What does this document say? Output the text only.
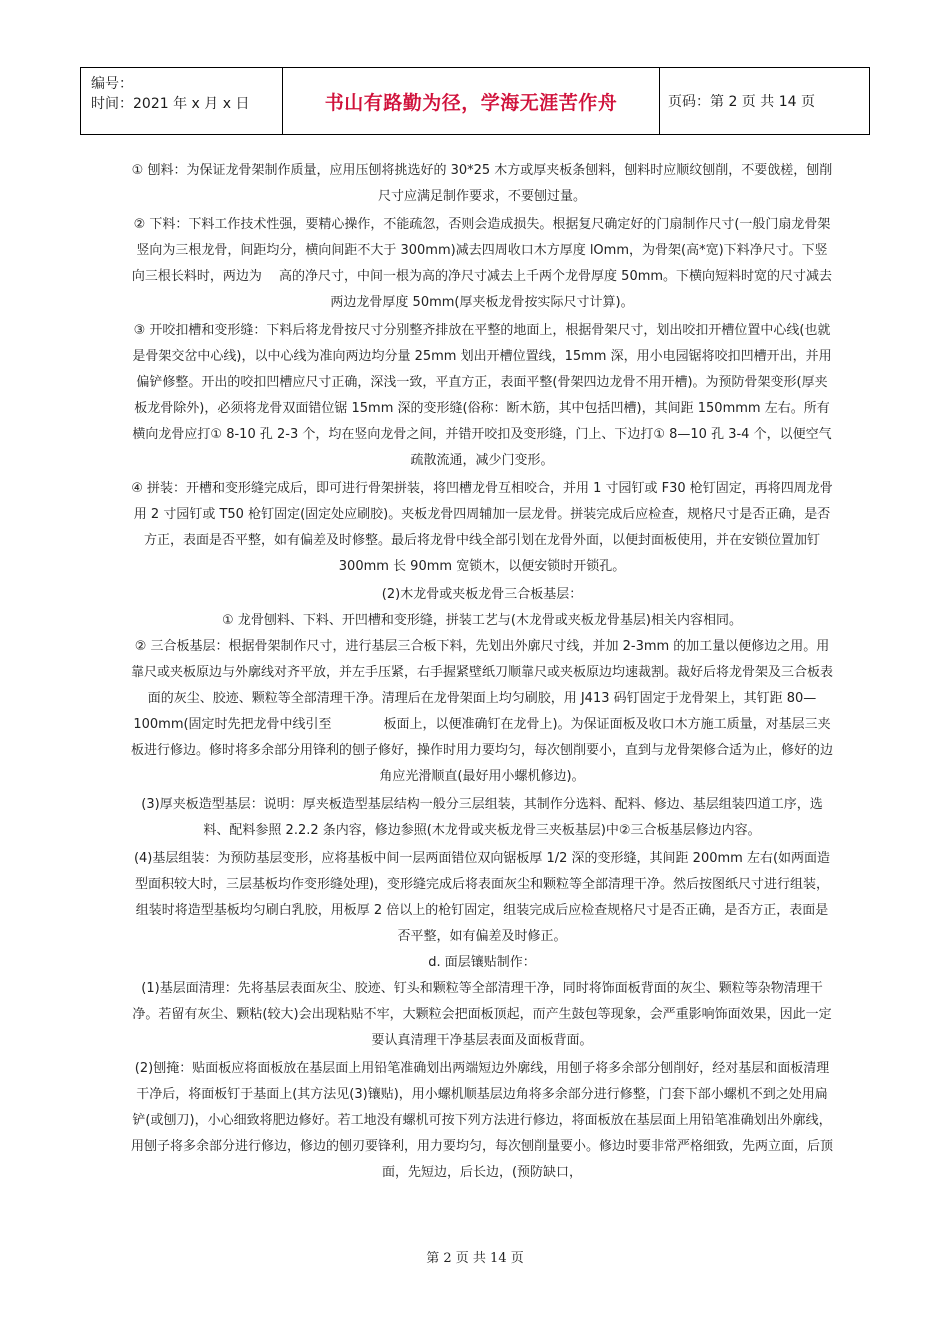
编号：
时间：2021 年 x 月 x 日	书山有路勤为径，学海无涯苦作舟	页码：第 2 页 共 14 页

① 刨料：为保证龙骨架制作质量，应用压刨将挑选好的 30*25 木方或厚夹板条刨料，刨料时应顺纹刨削，不要戗槎，刨削尺寸应满足制作要求，不要刨过量。

② 下料：下料工作技术性强，要精心操作，不能疏忽，否则会造成损失。根据复尺确定好的门扇制作尺寸(一般门扇龙骨架竖向为三根龙骨，间距均分，横向间距不大于 300mm)减去四周收口木方厚度 lOmm，为骨架(高*宽)下料净尺寸。下竖向三根长料时，两边为　 高的净尺寸，中间一根为高的净尺寸减去上千两个龙骨厚度 50mm。下横向短料时宽的尺寸减去两边龙骨厚度 50mm(厚夹板龙骨按实际尺寸计算)。

③ 开咬扣槽和变形缝：下料后将龙骨按尺寸分别整齐排放在平整的地面上，根据骨架尺寸，划出咬扣开槽位置中心线(也就是骨架交岔中心线)，以中心线为准向两边均分量 25mm 划出开槽位置线，15mm 深，用小电园锯将咬扣凹槽开出，并用偏铲修整。开出的咬扣凹槽应尺寸正确，深浅一致，平直方正，表面平整(骨架四边龙骨不用开槽)。为预防骨架变形(厚夹板龙骨除外)，必须将龙骨双面错位锯 15mm 深的变形缝(俗称：断木筋，其中包括凹槽)，其间距 150mmm 左右。所有横向龙骨应打① 8-10 孔 2-3 个，均在竖向龙骨之间，并错开咬扣及变形缝，门上、下边打① 8—10 孔 3-4 个，以便空气疏散流通，减少门变形。

④ 拼装：开槽和变形缝完成后，即可进行骨架拼装，将凹槽龙骨互相咬合，并用 1 寸园钉或 F30 枪钉固定，再将四周龙骨用 2 寸园钉或 T50 枪钉固定(固定处应刷胶)。夹板龙骨四周辅加一层龙骨。拼装完成后应检查，规格尺寸是否正确，是否方正，表面是否平整，如有偏差及时修整。最后将龙骨中线全部引划在龙骨外面，以便封面板使用，并在安锁位置加钉 300mm 长 90mm 宽锁木，以便安锁时开锁孔。

(2)木龙骨或夹板龙骨三合板基层：

① 龙骨刨料、下料、开凹槽和变形缝，拼装工艺与(木龙骨或夹板龙骨基层)相关内容相同。

② 三合板基层：根据骨架制作尺寸，进行基层三合板下料，先划出外廓尺寸线，并加 2-3mm 的加工量以便修边之用。用靠尺或夹板原边与外廓线对齐平放，并左手压紧，右手握紧壁纸刀顺靠尺或夹板原边均速裁割。裁好后将龙骨架及三合板表面的灰尘、胶迹、颗粒等全部清理干净。清理后在龙骨架面上均匀刷胶，用 J413 码钉固定于龙骨架上，其钉距 80—100mm(固定时先把龙骨中线引至　　　　板面上，以便准确钉在龙骨上)。为保证面板及收口木方施工质量，对基层三夹板进行修边。修时将多余部分用锋利的刨子修好，操作时用力要均匀，每次刨削要小，直到与龙骨架修合适为止，修好的边角应光滑顺直(最好用小螺机修边)。

(3)厚夹板造型基层：说明：厚夹板造型基层结构一般分三层组装，其制作分选料、配料、修边、基层组装四道工序，选料、配料参照 2.2.2 条内容，修边参照(木龙骨或夹板龙骨三夹板基层)中②三合板基层修边内容。

(4)基层组装：为预防基层变形，应将基板中间一层两面错位双向锯板厚 1/2 深的变形缝，其间距 200mm 左右(如两面造型面积较大时，三层基板均作变形缝处理)，变形缝完成后将表面灰尘和颗粒等全部清理干净。然后按图纸尺寸进行组装，组装时将造型基板均匀刷白乳胶，用板厚 2 倍以上的枪钉固定，组装完成后应检查规格尺寸是否正确，是否方正，表面是否平整，如有偏差及时修正。

d. 面层镶贴制作：

(1)基层面清理：先将基层表面灰尘、胶迹、钉头和颗粒等全部清理干净，同时将饰面板背面的灰尘、颗粒等杂物清理干净。若留有灰尘、颗粘(较大)会出现粘贴不牢，大颗粒会把面板顶起，而产生鼓包等现象，会严重影响饰面效果，因此一定要认真清理干净基层表面及面板背面。

(2)刨掩：贴面板应将面板放在基层面上用铅笔准确划出两端短边外廓线，用刨子将多余部分刨削好，经对基层和面板清理干净后，将面板钉于基面上(其方法见(3)镶贴)，用小螺机顺基层边角将多余部分进行修整，门套下部小螺机不到之处用扁铲(或刨刀)，小心细致将肥边修好。若工地没有螺机可按下列方法进行修边，将面板放在基层面上用铅笔准确划出外廓线，用刨子将多余部分进行修边，修边的刨刃要锋利，用力要均匀，每次刨削量要小。修边时要非常严格细致，先两立面，后顶面，先短边，后长边，(预防缺口，

第 2 页 共 14 页
